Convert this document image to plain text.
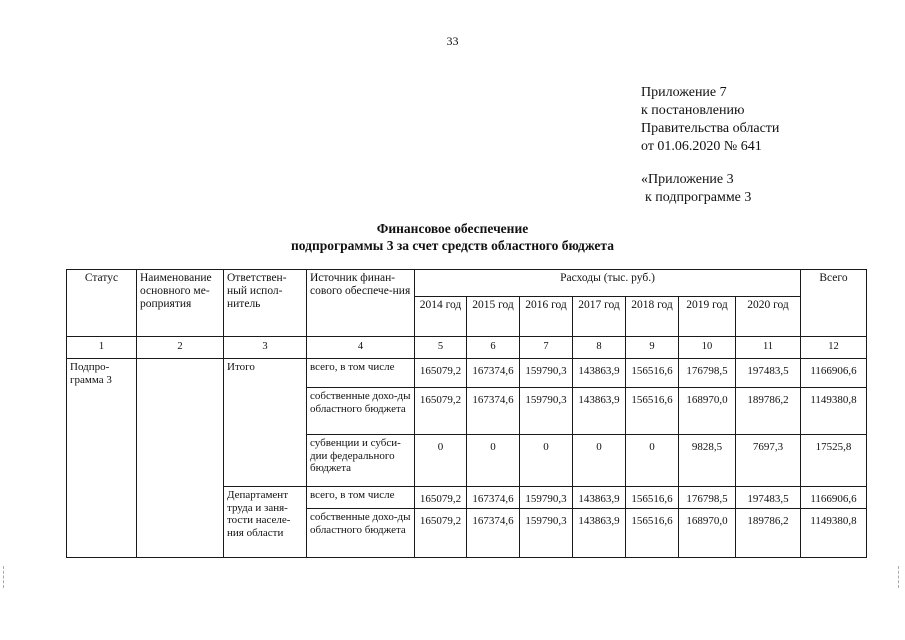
33
Приложение 7
к постановлению
Правительства области
от 01.06.2020 № 641
«Приложение 3
к подпрограмме 3
Финансовое обеспечение
подпрограммы 3 за счет средств областного бюджета
Статус	Наименование основного ме-роприятия	Ответствен-ный испол-нитель	Источник финан-сового обеспече-ния	Расходы (тыс. руб.)							Всего
				2014 год	2015 год	2016 год	2017 год	2018 год	2019 год	2020 год	
1	2	3	4	5	6	7	8	9	10	11	12
Подпро-грамма 3		Итого	всего, в том числе	165079,2	167374,6	159790,3	143863,9	156516,6	176798,5	197483,5	1166906,6
			собственные дохо-ды областного бюджета	165079,2	167374,6	159790,3	143863,9	156516,6	168970,0	189786,2	1149380,8
			субвенции и субси-дии федерального бюджета	0	0	0	0	0	9828,5	7697,3	17525,8
		Департамент труда и заня-тости населе-ния области	всего, в том числе	165079,2	167374,6	159790,3	143863,9	156516,6	176798,5	197483,5	1166906,6
			собственные дохо-ды областного бюджета	165079,2	167374,6	159790,3	143863,9	156516,6	168970,0	189786,2	1149380,8
